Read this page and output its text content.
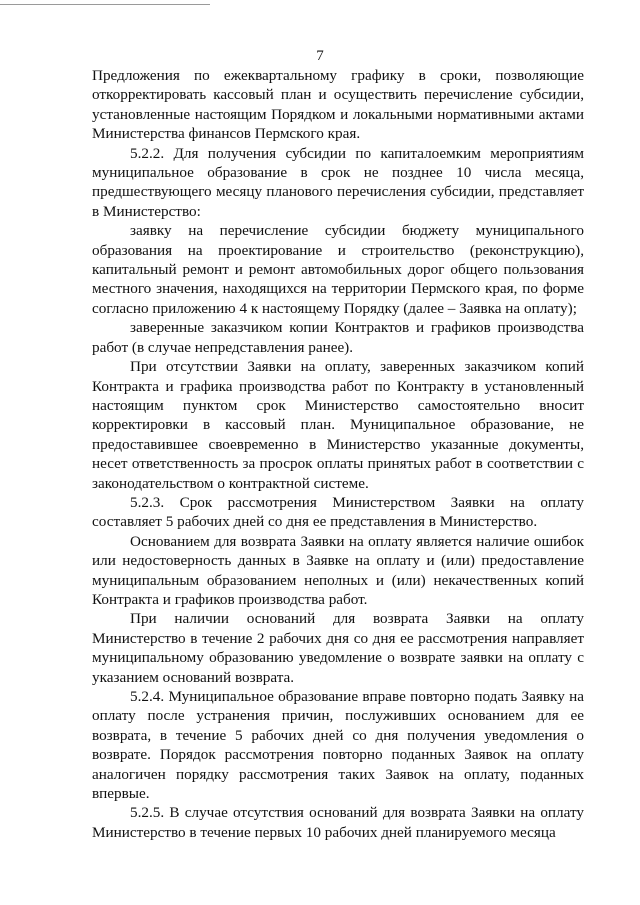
7

Предложения по ежеквартальному графику в сроки, позволяющие откорректировать кассовый план и осуществить перечисление субсидии, установленные настоящим Порядком и локальными нормативными актами Министерства финансов Пермского края.

5.2.2. Для получения субсидии по капиталоемким мероприятиям муниципальное образование в срок не позднее 10 числа месяца, предшествующего месяцу планового перечисления субсидии, представляет в Министерство:

заявку на перечисление субсидии бюджету муниципального образования на проектирование и строительство (реконструкцию), капитальный ремонт и ремонт автомобильных дорог общего пользования местного значения, находящихся на территории Пермского края, по форме согласно приложению 4 к настоящему Порядку (далее – Заявка на оплату);

заверенные заказчиком копии Контрактов и графиков производства работ (в случае непредставления ранее).

При отсутствии Заявки на оплату, заверенных заказчиком копий Контракта и графика производства работ по Контракту в установленный настоящим пунктом срок Министерство самостоятельно вносит корректировки в кассовый план. Муниципальное образование, не предоставившее своевременно в Министерство указанные документы, несет ответственность за просрок оплаты принятых работ в соответствии с законодательством о контрактной системе.

5.2.3. Срок рассмотрения Министерством Заявки на оплату составляет 5 рабочих дней со дня ее представления в Министерство.

Основанием для возврата Заявки на оплату является наличие ошибок или недостоверность данных в Заявке на оплату и (или) предоставление муниципальным образованием неполных и (или) некачественных копий Контракта и графиков производства работ.

При наличии оснований для возврата Заявки на оплату Министерство в течение 2 рабочих дня со дня ее рассмотрения направляет муниципальному образованию уведомление о возврате заявки на оплату с указанием оснований возврата.

5.2.4. Муниципальное образование вправе повторно подать Заявку на оплату после устранения причин, послуживших основанием для ее возврата, в течение 5 рабочих дней со дня получения уведомления о возврате. Порядок рассмотрения повторно поданных Заявок на оплату аналогичен порядку рассмотрения таких Заявок на оплату, поданных впервые.

5.2.5. В случае отсутствия оснований для возврата Заявки на оплату Министерство в течение первых 10 рабочих дней планируемого месяца
